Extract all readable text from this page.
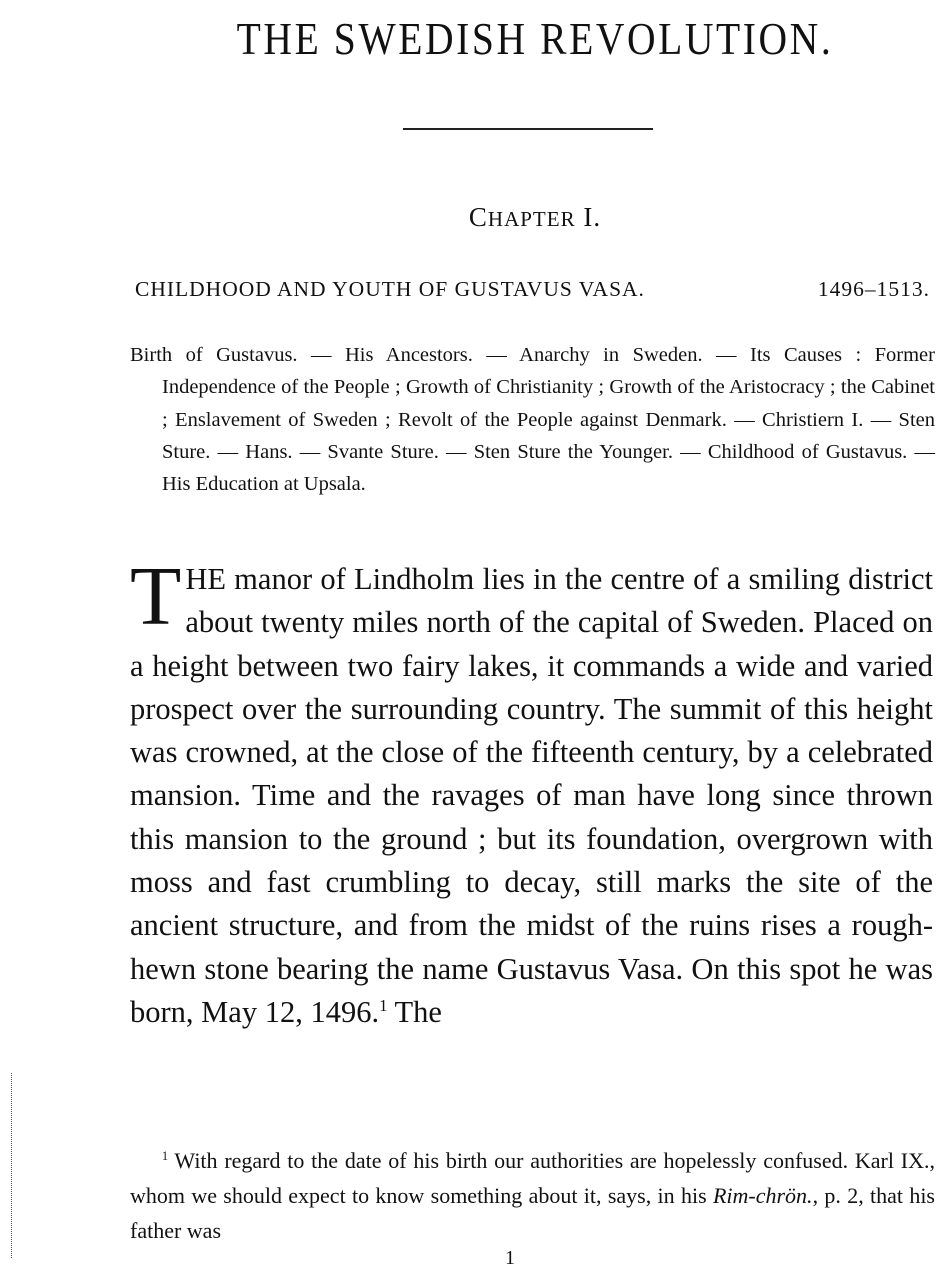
THE SWEDISH REVOLUTION.
CHAPTER I.
CHILDHOOD AND YOUTH OF GUSTAVUS VASA.	1496–1513.

Birth of Gustavus. — His Ancestors. — Anarchy in Sweden. — Its Causes : Former Independence of the People ; Growth of Christianity ; Growth of the Aristocracy ; the Cabinet ; Enslavement of Sweden ; Revolt of the People against Denmark. — Christiern I. — Sten Sture. — Hans. — Svante Sture. — Sten Sture the Younger. — Childhood of Gustavus. — His Education at Upsala.

THE manor of Lindholm lies in the centre of a smiling district about twenty miles north of the capital of Sweden. Placed on a height between two fairy lakes, it commands a wide and varied prospect over the surrounding country. The summit of this height was crowned, at the close of the fifteenth century, by a celebrated mansion. Time and the ravages of man have long since thrown this mansion to the ground ; but its foundation, overgrown with moss and fast crumbling to decay, still marks the site of the ancient structure, and from the midst of the ruins rises a rough-hewn stone bearing the name Gustavus Vasa. On this spot he was born, May 12, 1496.$^1$ The

$^1$ With regard to the date of his birth our authorities are hopelessly confused. Karl IX., whom we should expect to know something about it, says, in his Rim-chrön., p. 2, that his father was

1
